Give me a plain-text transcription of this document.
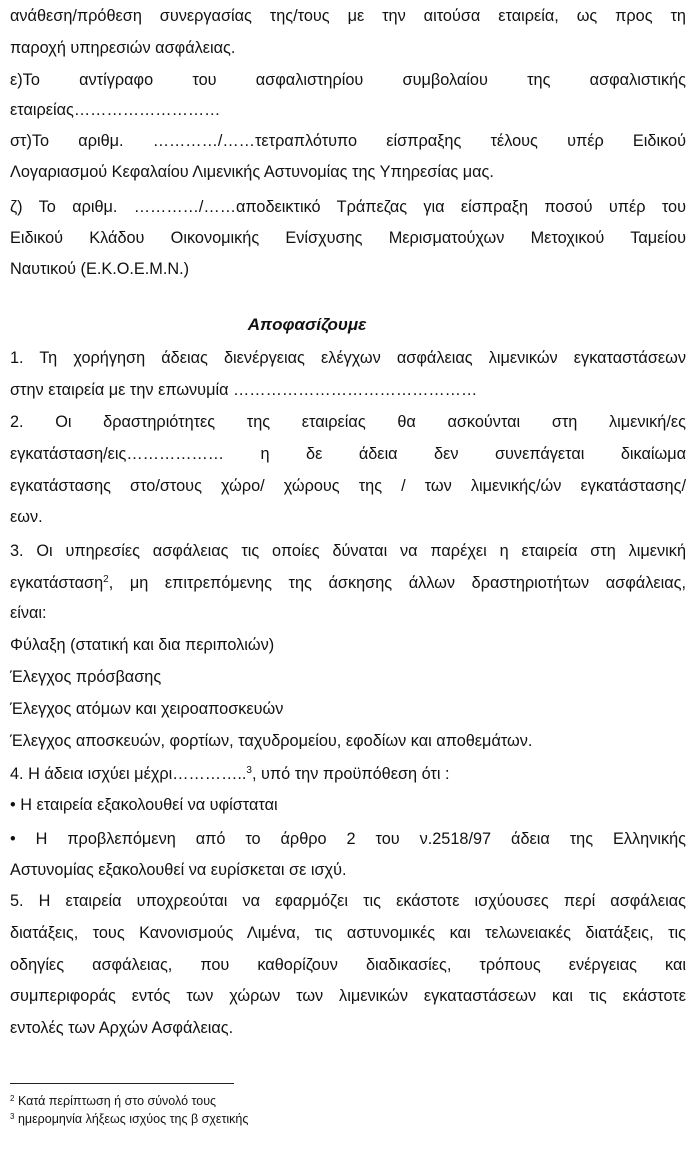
ανάθεση/πρόθεση συνεργασίας της/τους με την αιτούσα εταιρεία, ως προς τη
παροχή υπηρεσιών ασφάλειας.
ε)Το αντίγραφο του ασφαλιστηρίου συμβολαίου της ασφαλιστικής
εταιρείας………………………
στ)Το αριθμ. …………/……τετραπλότυπο είσπραξης τέλους υπέρ Ειδικού
Λογαριασμού Κεφαλαίου Λιμενικής Αστυνομίας της Υπηρεσίας μας.
ζ) Το αριθμ. …………/……αποδεικτικό Τράπεζας για είσπραξη ποσού υπέρ του
Ειδικού Κλάδου Οικονομικής Ενίσχυσης Μερισματούχων Μετοχικού Ταμείου
Ναυτικού (Ε.Κ.Ο.Ε.Μ.Ν.)
Αποφασίζουμε
1. Τη χορήγηση άδειας διενέργειας ελέγχων ασφάλειας λιμενικών εγκαταστάσεων
στην εταιρεία με την επωνυμία ………………………………………
2. Οι δραστηριότητες της εταιρείας θα ασκούνται στη λιμενική/ες
εγκατάσταση/εις……………… η δε άδεια δεν συνεπάγεται δικαίωμα
εγκατάστασης στο/στους χώρο/ χώρους της / των λιμενικής/ών εγκατάστασης/
εων.
3. Οι υπηρεσίες ασφάλειας τις οποίες δύναται να παρέχει η εταιρεία στη λιμενική
εγκατάσταση$^2$, μη επιτρεπόμενης της άσκησης άλλων δραστηριοτήτων ασφάλειας,
είναι:
Φύλαξη (στατική και δια περιπολιών)
Έλεγχος πρόσβασης
Έλεγχος ατόμων και χειροαποσκευών
Έλεγχος αποσκευών, φορτίων, ταχυδρομείου, εφοδίων και αποθεμάτων.
4. Η άδεια ισχύει μέχρι…………..$^3$, υπό την προϋπόθεση ότι :
• Η εταιρεία εξακολουθεί να υφίσταται
• Η προβλεπόμενη από το άρθρο 2 του ν.2518/97 άδεια της Ελληνικής
Αστυνομίας εξακολουθεί να ευρίσκεται σε ισχύ.
5. Η εταιρεία υποχρεούται να εφαρμόζει τις εκάστοτε ισχύουσες περί ασφάλειας
διατάξεις, τους Κανονισμούς Λιμένα, τις αστυνομικές και τελωνειακές διατάξεις, τις
οδηγίες ασφάλειας, που καθορίζουν διαδικασίες, τρόπους ενέργειας και
συμπεριφοράς εντός των χώρων των λιμενικών εγκαταστάσεων και τις εκάστοτε
εντολές των Αρχών Ασφάλειας.
$^2$ Κατά περίπτωση ή στο σύνολό τους
$^3$ ημερομηνία λήξεως ισχύος της β σχετικής
